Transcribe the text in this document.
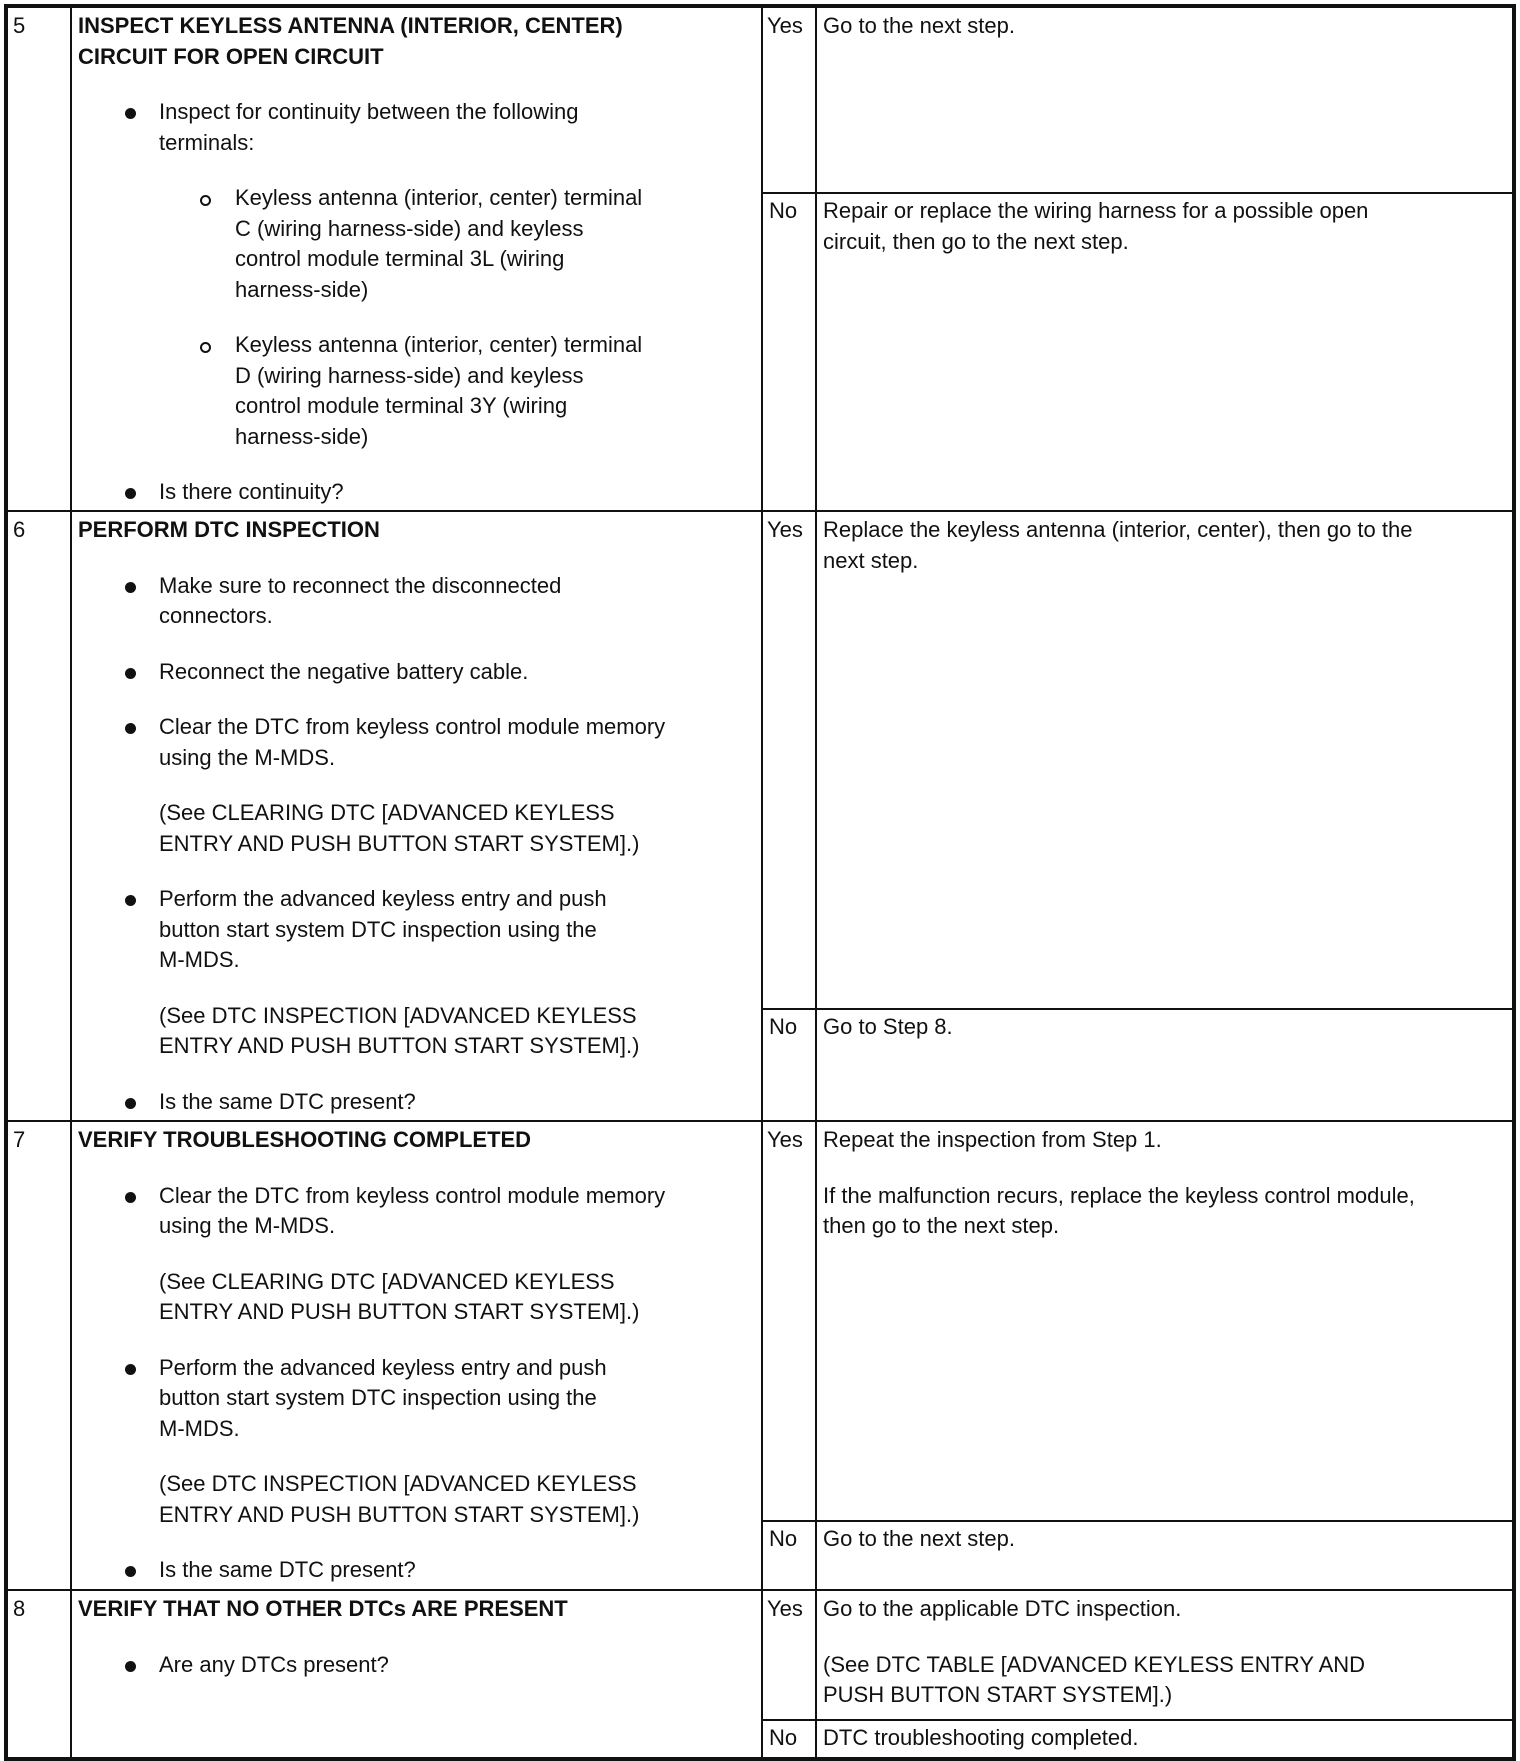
5 INSPECT KEYLESS ANTENNA (INTERIOR, CENTER)
CIRCUIT FOR OPEN CIRCUIT
Inspect for continuity between the following
terminals:
Keyless antenna (interior, center) terminal
C (wiring harness-side) and keyless
control module terminal 3L (wiring
harness-side)
Keyless antenna (interior, center) terminal
D (wiring harness-side) and keyless
control module terminal 3Y (wiring
harness-side)
Is there continuity?
Yes Go to the next step.
No Repair or replace the wiring harness for a possible open
circuit, then go to the next step.
6 PERFORM DTC INSPECTION
Make sure to reconnect the disconnected
connectors.
Reconnect the negative battery cable.
Clear the DTC from keyless control module memory
using the M-MDS.
(See CLEARING DTC [ADVANCED KEYLESS
ENTRY AND PUSH BUTTON START SYSTEM].)
Perform the advanced keyless entry and push
button start system DTC inspection using the
M-MDS.
(See DTC INSPECTION [ADVANCED KEYLESS
ENTRY AND PUSH BUTTON START SYSTEM].)
Is the same DTC present?
Yes Replace the keyless antenna (interior, center), then go to the
next step.
No Go to Step 8.
7 VERIFY TROUBLESHOOTING COMPLETED
Clear the DTC from keyless control module memory
using the M-MDS.
(See CLEARING DTC [ADVANCED KEYLESS
ENTRY AND PUSH BUTTON START SYSTEM].)
Perform the advanced keyless entry and push
button start system DTC inspection using the
M-MDS.
(See DTC INSPECTION [ADVANCED KEYLESS
ENTRY AND PUSH BUTTON START SYSTEM].)
Is the same DTC present?
Yes Repeat the inspection from Step 1.
If the malfunction recurs, replace the keyless control module,
then go to the next step.
No Go to the next step.
8 VERIFY THAT NO OTHER DTCs ARE PRESENT
Are any DTCs present?
Yes Go to the applicable DTC inspection.
(See DTC TABLE [ADVANCED KEYLESS ENTRY AND
PUSH BUTTON START SYSTEM].)
No DTC troubleshooting completed.
